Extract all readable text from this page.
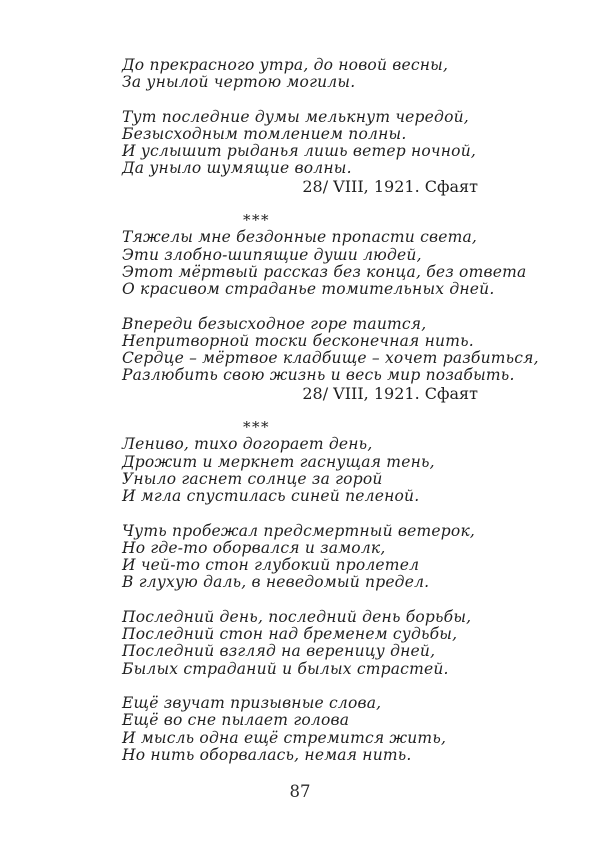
До прекрасного утра, до новой весны,
За унылой чертою могилы.
Тут последние думы мелькнут чередой,
Безысходным томлением полны.
И услышит рыданья лишь ветер ночной,
Да уныло шумящие волны.
28/ VIII, 1921. Сфаят
***
Тяжелы мне бездонные пропасти света,
Эти злобно-шипящие души людей,
Этот мёртвый рассказ без конца, без ответа
О красивом страданье томительных дней.
Впереди безысходное горе таится,
Непритворной тоски бесконечная нить.
Сердце – мёртвое кладбище – хочет разбиться,
Разлюбить свою жизнь и весь мир позабыть.
28/ VIII, 1921. Сфаят
***
Лениво, тихо догорает день,
Дрожит и меркнет гаснущая тень,
Уныло гаснет солнце за горой
И мгла спустилась синей пеленой.
Чуть пробежал предсмертный ветерок,
Но где-то оборвался и замолк,
И чей-то стон глубокий пролетел
В глухую даль, в неведомый предел.
Последний день, последний день борьбы,
Последний стон над бременем судьбы,
Последний взгляд на вереницу дней,
Былых страданий и былых страстей.
Ещё звучат призывные слова,
Ещё во сне пылает голова
И мысль одна ещё стремится жить,
Но нить оборвалась, немая нить.
87
